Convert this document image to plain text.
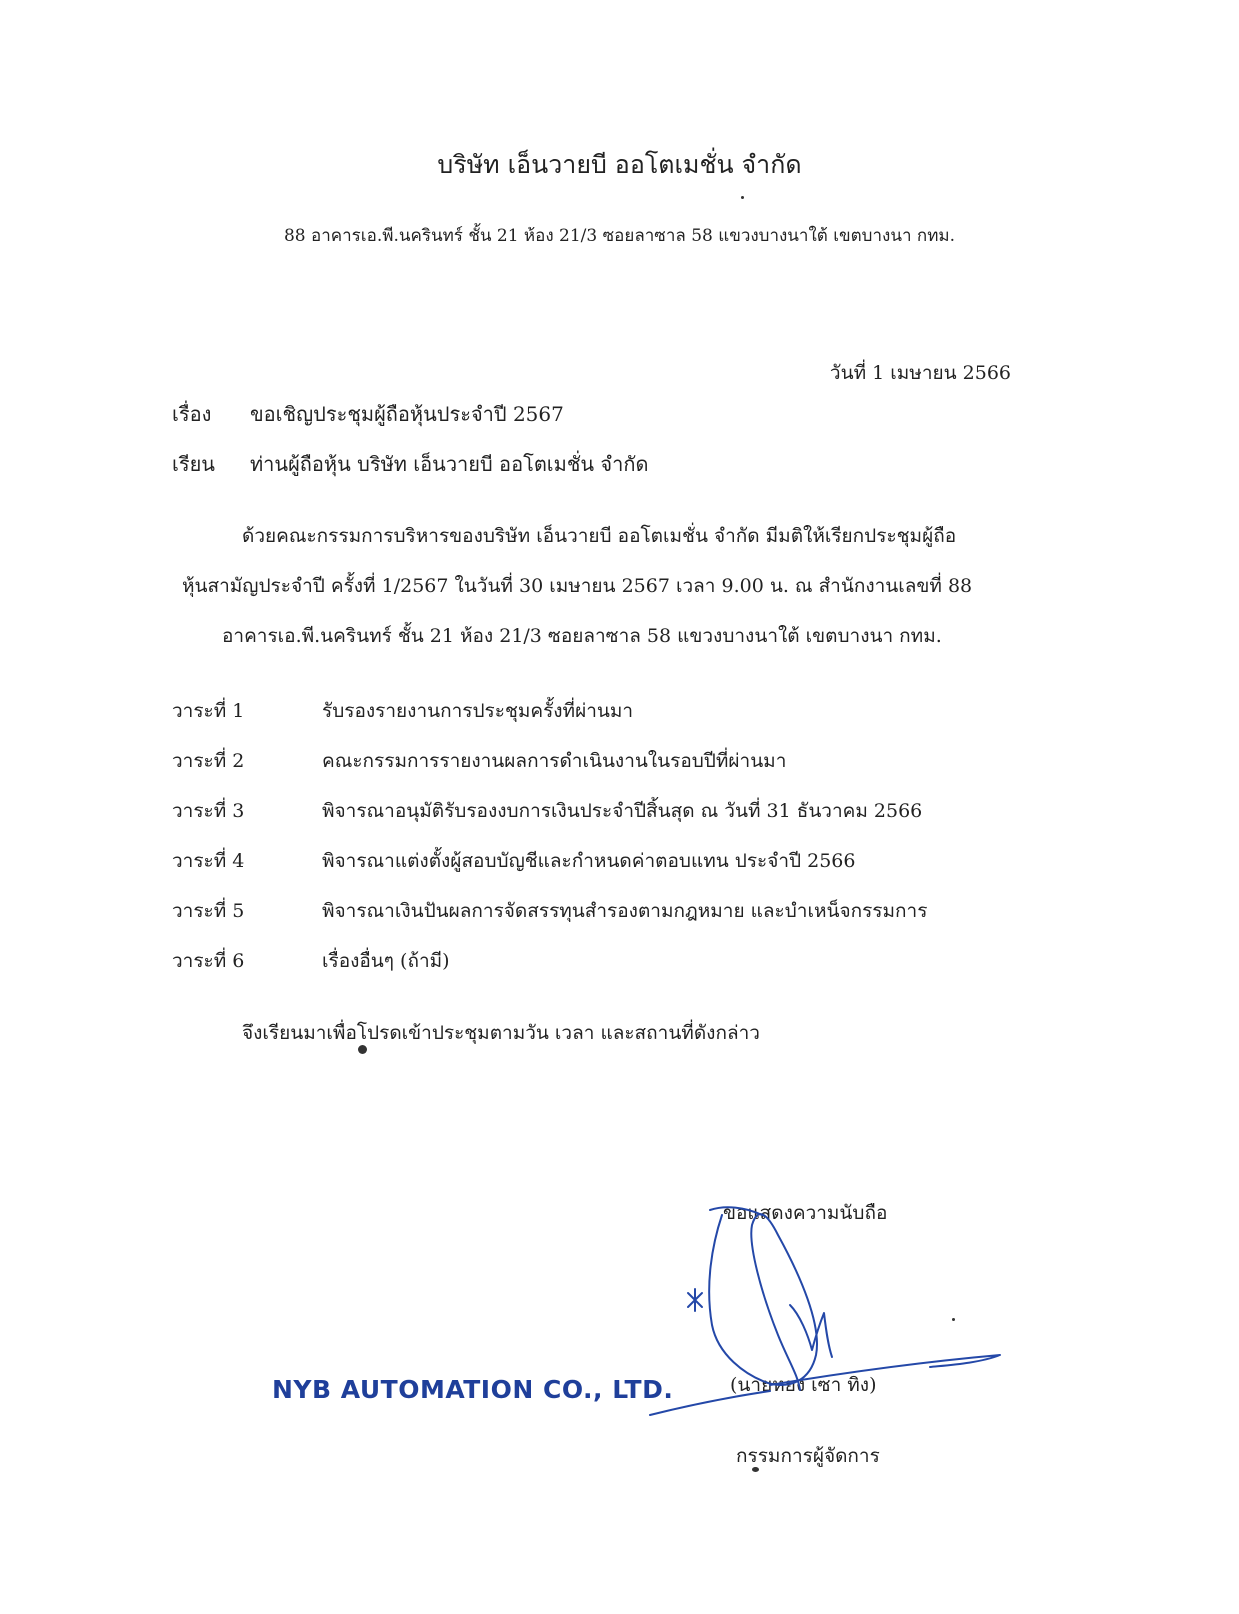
บริษัท เอ็นวายบี ออโตเมชั่น จำกัด
88 อาคารเอ.พี.นครินทร์ ชั้น 21 ห้อง 21/3 ซอยลาซาล 58 แขวงบางนาใต้ เขตบางนา กทม.
วันที่ 1 เมษายน 2566
เรื่อง ขอเชิญประชุมผู้ถือหุ้นประจำปี 2567
เรียน ท่านผู้ถือหุ้น บริษัท เอ็นวายบี ออโตเมชั่น จำกัด
ด้วยคณะกรรมการบริหารของบริษัท เอ็นวายบี ออโตเมชั่น จำกัด มีมติให้เรียกประชุมผู้ถือ
หุ้นสามัญประจำปี ครั้งที่ 1/2567 ในวันที่ 30 เมษายน 2567 เวลา 9.00 น. ณ สำนักงานเลขที่ 88
อาคารเอ.พี.นครินทร์ ชั้น 21 ห้อง 21/3 ซอยลาซาล 58 แขวงบางนาใต้ เขตบางนา กทม.
วาระที่ 1	รับรองรายงานการประชุมครั้งที่ผ่านมา
วาระที่ 2	คณะกรรมการรายงานผลการดำเนินงานในรอบปีที่ผ่านมา
วาระที่ 3	พิจารณาอนุมัติรับรองงบการเงินประจำปีสิ้นสุด ณ วันที่ 31 ธันวาคม 2566
วาระที่ 4	พิจารณาแต่งตั้งผู้สอบบัญชีและกำหนดค่าตอบแทน ประจำปี 2566
วาระที่ 5	พิจารณาเงินปันผลการจัดสรรทุนสำรองตามกฎหมาย และบำเหน็จกรรมการ
วาระที่ 6	เรื่องอื่นๆ (ถ้ามี)
จึงเรียนมาเพื่อโปรดเข้าประชุมตามวัน เวลา และสถานที่ดังกล่าว
ขอแสดงความนับถือ
(นายหยง เซา ทิง)
กรรมการผู้จัดการ
NYB AUTOMATION CO., LTD.
